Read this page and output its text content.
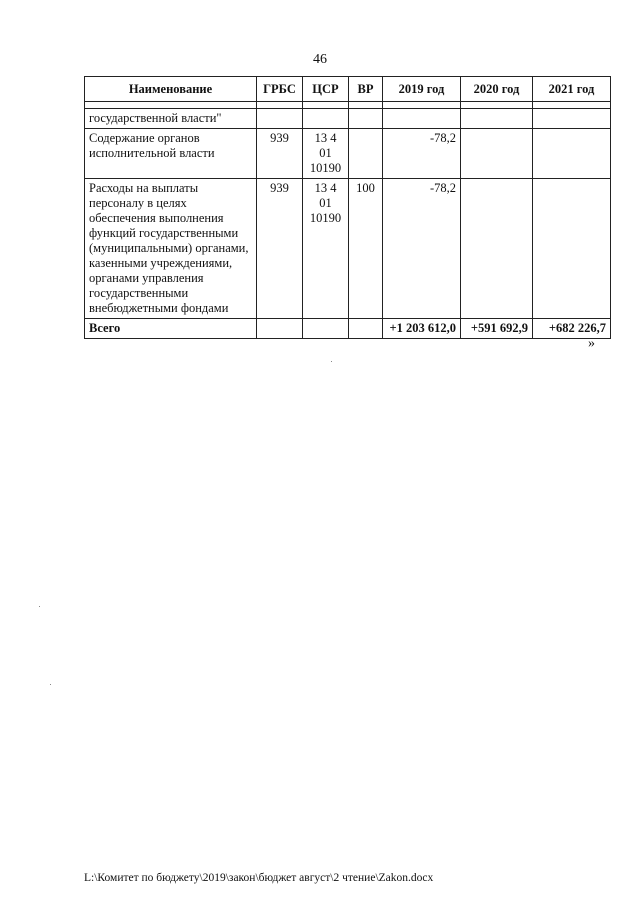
46
Наименование	ГРБС	ЦСР	ВР	2019 год	2020 год	2021 год

государственной власти"						
Содержание органов исполнительной власти	939	13 4 01 10190		-78,2		
Расходы на выплаты персоналу в целях обеспечения выполнения функций государственными (муниципальными) органами, казенными учреждениями, органами управления государственными внебюджетными фондами	939	13 4 01 10190	100	-78,2		
Всего				+1 203 612,0	+591 692,9	+682 226,7
»
L:\Комитет по бюджету\2019\закон\бюджет август\2 чтение\Zakon.docx
